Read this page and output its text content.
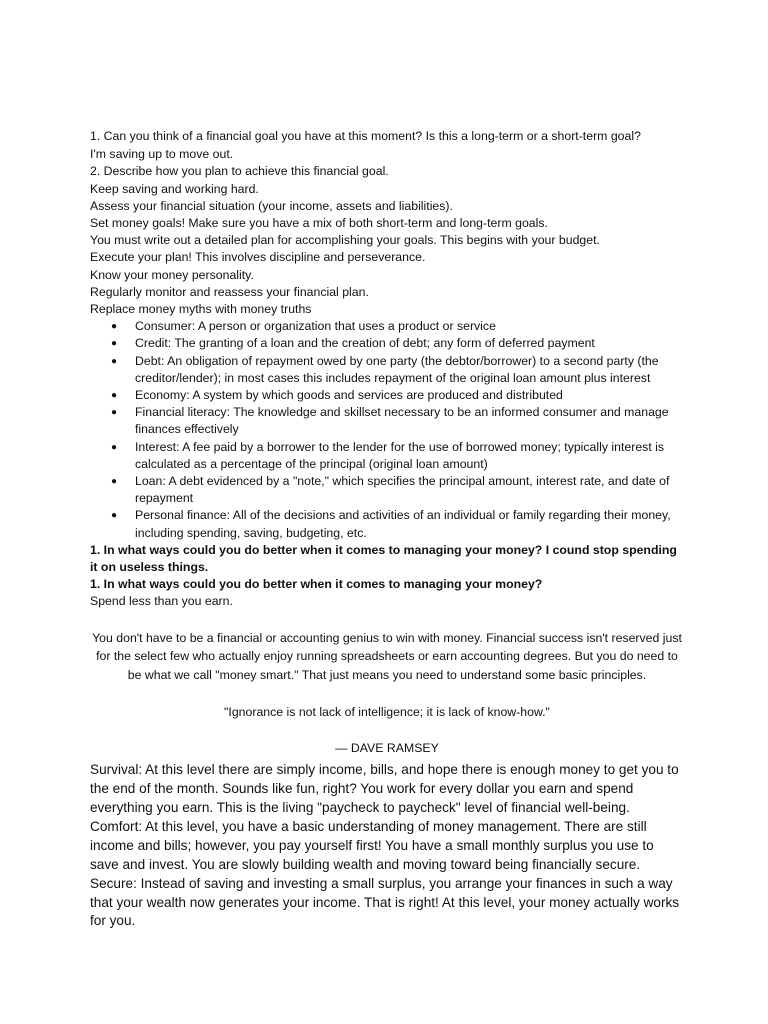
1. Can you think of a financial goal you have at this moment? Is this a long-term or a short-term goal?

I'm saving up to move out.

2. Describe how you plan to achieve this financial goal.

Keep saving and working hard.

Assess your financial situation (your income, assets and liabilities).

Set money goals! Make sure you have a mix of both short-term and long-term goals.

You must write out a detailed plan for accomplishing your goals. This begins with your budget.

Execute your plan! This involves discipline and perseverance.

Know your money personality.

Regularly monitor and reassess your financial plan.

Replace money myths with money truths

● Consumer: A person or organization that uses a product or service
● Credit: The granting of a loan and the creation of debt; any form of deferred payment
● Debt: An obligation of repayment owed by one party (the debtor/borrower) to a second party (the creditor/lender); in most cases this includes repayment of the original loan amount plus interest
● Economy: A system by which goods and services are produced and distributed
● Financial literacy: The knowledge and skillset necessary to be an informed consumer and manage finances effectively
● Interest: A fee paid by a borrower to the lender for the use of borrowed money; typically interest is calculated as a percentage of the principal (original loan amount)
● Loan: A debt evidenced by a "note," which specifies the principal amount, interest rate, and date of repayment
● Personal finance: All of the decisions and activities of an individual or family regarding their money, including spending, saving, budgeting, etc.

1. In what ways could you do better when it comes to managing your money? I cound stop spending it on useless things.

1. In what ways could you do better when it comes to managing your money?

Spend less than you earn.

You don't have to be a financial or accounting genius to win with money. Financial success isn't reserved just for the select few who actually enjoy running spreadsheets or earn accounting degrees. But you do need to be what we call "money smart." That just means you need to understand some basic principles.

"Ignorance is not lack of intelligence; it is lack of know-how."

— DAVE RAMSEY

Survival: At this level there are simply income, bills, and hope there is enough money to get you to the end of the month. Sounds like fun, right? You work for every dollar you earn and spend everything you earn. This is the living "paycheck to paycheck" level of financial well-being.

Comfort: At this level, you have a basic understanding of money management. There are still income and bills; however, you pay yourself first! You have a small monthly surplus you use to save and invest. You are slowly building wealth and moving toward being financially secure.

Secure: Instead of saving and investing a small surplus, you arrange your finances in such a way that your wealth now generates your income. That is right! At this level, your money actually works for you.
